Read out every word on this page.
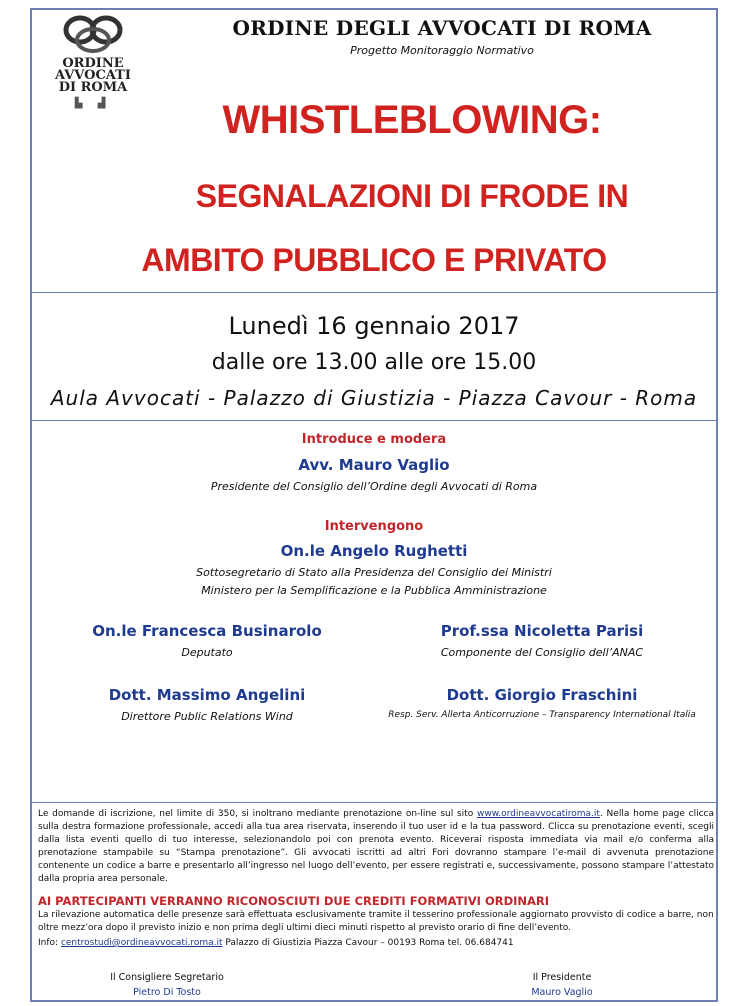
ORDINE
AVVOCATI
DI ROMA
▙ ▟
ORDINE DEGLI AVVOCATI DI ROMA
Progetto Monitoraggio Normativo
WHISTLEBLOWING:
SEGNALAZIONI DI FRODE IN
AMBITO PUBBLICO E PRIVATO
Lunedì 16 gennaio 2017
dalle ore 13.00 alle ore 15.00
Aula Avvocati - Palazzo di Giustizia - Piazza Cavour - Roma
Introduce e modera
Avv. Mauro Vaglio
Presidente del Consiglio dell’Ordine degli Avvocati di Roma
Intervengono
On.le Angelo Rughetti
Sottosegretario di Stato alla Presidenza del Consiglio dei Ministri
Ministero per la Semplificazione e la Pubblica Amministrazione
On.le Francesca Businarolo
Deputato
Prof.ssa Nicoletta Parisi
Componente del Consiglio dell’ANAC
Dott. Massimo Angelini
Direttore Public Relations Wind
Dott. Giorgio Fraschini
Resp. Serv. Allerta Anticorruzione – Transparency International Italia
Le domande di iscrizione, nel limite di 350, si inoltrano mediante prenotazione on-line sul sito www.ordineavvocatiroma.it. Nella home page clicca sulla destra formazione professionale, accedi alla tua area riservata, inserendo il tuo user id e la tua password. Clicca su prenotazione eventi, scegli dalla lista eventi quello di tuo interesse, selezionandolo poi con prenota evento. Riceverai risposta immediata via mail e/o conferma alla prenotazione stampabile su “Stampa prenotazione”. Gli avvocati iscritti ad altri Fori dovranno stampare l’e-mail di avvenuta prenotazione contenente un codice a barre e presentarlo all’ingresso nel luogo dell’evento, per essere registrati e, successivamente, possono stampare l’attestato dalla propria area personale.
AI PARTECIPANTI VERRANNO RICONOSCIUTI DUE CREDITI FORMATIVI ORDINARI
La rilevazione automatica delle presenze sarà effettuata esclusivamente tramite il tesserino professionale aggiornato provvisto di codice a barre, non oltre mezz’ora dopo il previsto inizio e non prima degli ultimi dieci minuti rispetto al previsto orario di fine dell’evento.
Info: centrostudi@ordineavvocati.roma.it Palazzo di Giustizia Piazza Cavour – 00193 Roma tel. 06.684741
Il Consigliere Segretario
Pietro Di Tosto
Il Presidente
Mauro Vaglio
